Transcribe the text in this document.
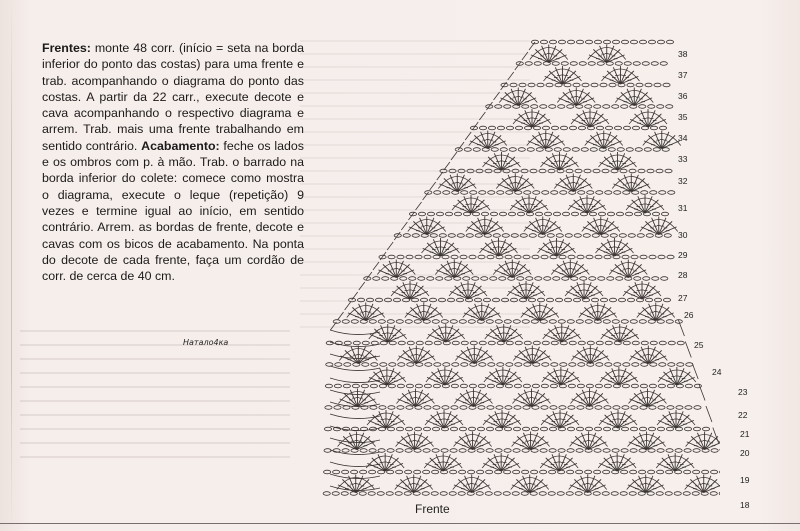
Frentes: monte 48 corr. (início = seta na borda inferior do ponto das costas) para uma frente e trab. acompanhando o diagrama do ponto das costas. A partir da 22 carr., execute decote e cava acompanhando o respectivo diagrama e arrem. Trab. mais uma frente trabalhando em sentido contrário. Acabamento: feche os lados e os ombros com p. à mão. Trab. o barrado na borda inferior do colete: comece como mostra o diagrama, execute o leque (repetição) 9 vezes e termine igual ao início, em sentido contrário. Arrem. as bordas de frente, decote e cavas com os bicos de acabamento. Na ponta do decote de cada frente, faça um cordão de corr. de cerca de 40 cm.
Натало4ка
38
37
36
35
34
33
32
31
30
29
28
27
26
25
24
23
22
21
20
19
18
Frente
